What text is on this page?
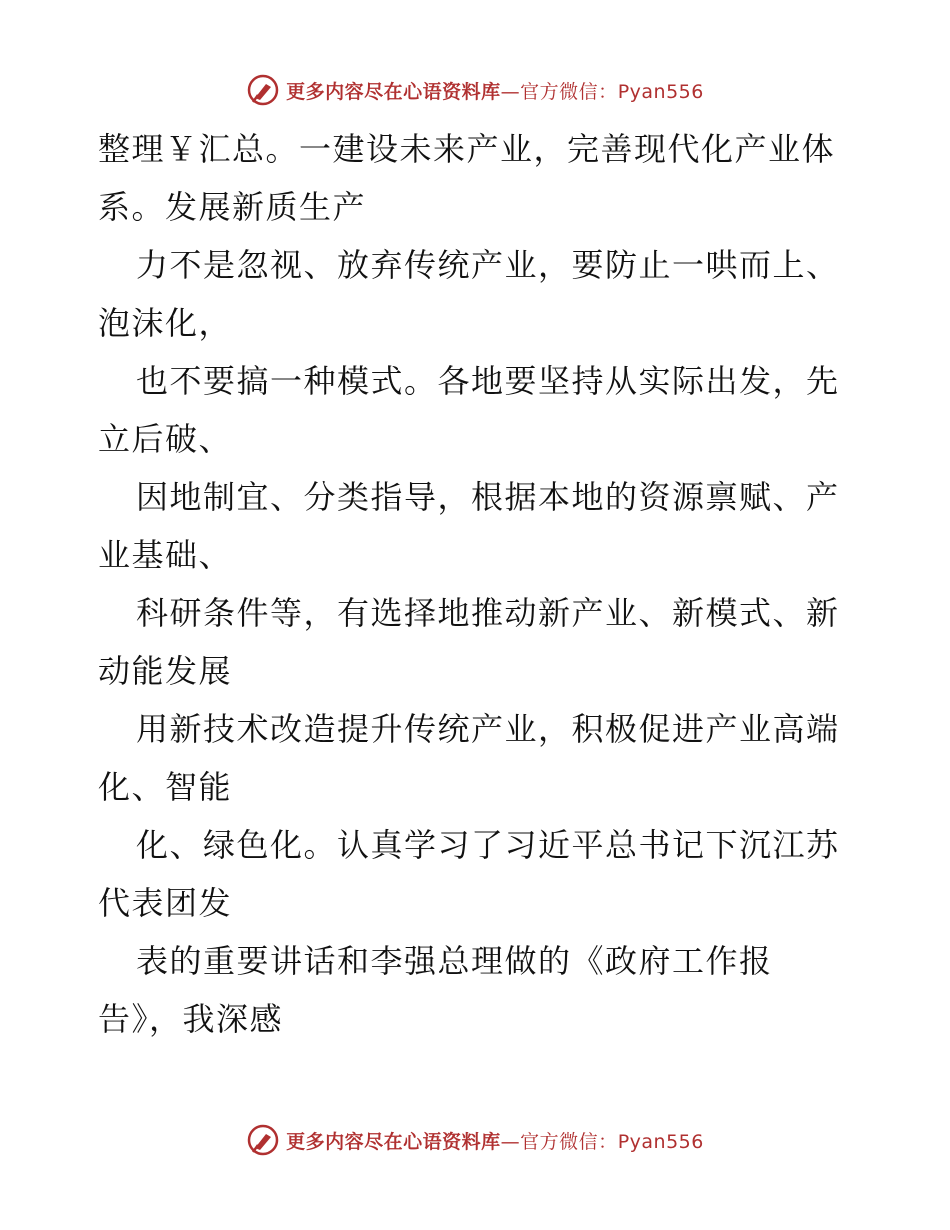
更多内容尽在心语资料库—官方微信：Pyan556
整理￥汇总。一建设未来产业，完善现代化产业体
系。发展新质生产
力不是忽视、放弃传统产业，要防止一哄而上、
泡沫化，
也不要搞一种模式。各地要坚持从实际出发，先
立后破、
因地制宜、分类指导，根据本地的资源禀赋、产
业基础、
科研条件等，有选择地推动新产业、新模式、新
动能发展
用新技术改造提升传统产业，积极促进产业高端
化、智能
化、绿色化。认真学习了习近平总书记下沉江苏
代表团发
表的重要讲话和李强总理做的《政府工作报
告》，我深感
更多内容尽在心语资料库—官方微信：Pyan556
